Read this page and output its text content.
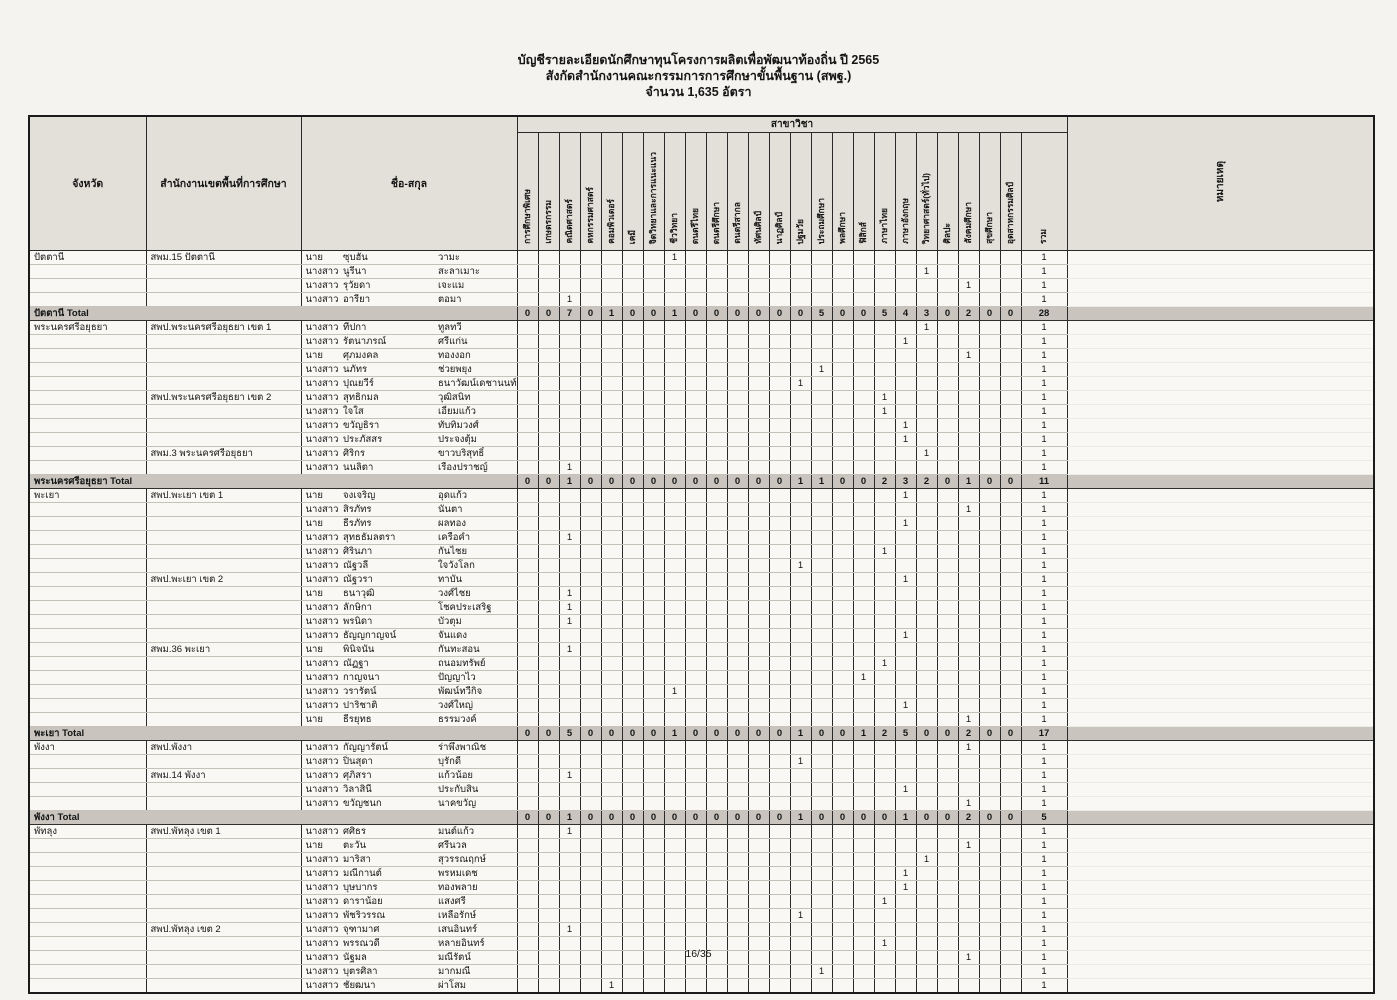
บัญชีรายละเอียดนักศึกษาทุนโครงการผลิตเพื่อพัฒนาท้องถิ่น ปี 2565
สังกัดสำนักงานคณะกรรมการการศึกษาขั้นพื้นฐาน (สพฐ.)
จำนวน 1,635 อัตรา
จังหวัด	สำนักงานเขตพื้นที่การศึกษา	ชื่อ-สกุล			สาขาวิชา																									หมายเหตุ
					การศึกษาพิเศษ	เกษตรกรรม	คณิตศาสตร์	คหกรรมศาสตร์	คอมพิวเตอร์	เคมี	จิตวิทยาและการแนะแนว	ชีววิทยา	ดนตรีไทย	ดนตรีศึกษา	ดนตรีสากล	ทัศนศิลป์	นาฏศิลป์	ปฐมวัย	ประถมศึกษา	พลศึกษา	ฟิสิกส์	ภาษาไทย	ภาษาอังกฤษ	วิทยาศาสตร์(ทั่วไป)	ศิลปะ	สังคมศึกษา	สุขศึกษา	อุตสาหกรรมศิลป์	รวม	
ปัตตานี	สพม.15 ปัตตานี	นาย	ซุบฮัน	วามะ								1																	1	
		นางสาว	นูรีนา	สะลาเมาะ																				1					1	
		นางสาว	รุวัยดา	เจะแม																						1			1	
		นางสาว	อารียา	ตอมา			1																						1	
ปัตตานี Total					0	0	7	0	1	0	0	1	0	0	0	0	0	0	5	0	0	5	4	3	0	2	0	0	28	
พระนครศรีอยุธยา	สพป.พระนครศรีอยุธยา เขต 1	นางสาว	ทีปกา	ทูลทวี																				1					1	
		นางสาว	รัตนาภรณ์	ศรีแก่น																			1						1	
		นาย	ศุภมงคล	ทองงอก																						1			1	
		นางสาว	นภัทร	ช่วยพยุง															1										1	
		นางสาว	ปุณยวีร์	ธนาวัฒน์เดชานนท์														1											1	
	สพป.พระนครศรีอยุธยา เขต 2	นางสาว	สุทธิกมล	วุฒิสนิท																		1							1	
		นางสาว	ใจใส	เอี่ยมแก้ว																		1							1	
		นางสาว	ขวัญธิรา	ทับทิมวงศ์																			1						1	
		นางสาว	ประภัสสร	ประจงตุ้ม																			1						1	
	สพม.3 พระนครศรีอยุธยา	นางสาว	ศิริกร	ขาวบริสุทธิ์																				1					1	
		นางสาว	นนลิตา	เรืองปราชญ์			1																						1	
พระนครศรีอยุธยา Total					0	0	1	0	0	0	0	0	0	0	0	0	0	1	1	0	0	2	3	2	0	1	0	0	11	
พะเยา	สพป.พะเยา เขต 1	นาย	จงเจริญ	อุดแก้ว																			1						1	
		นางสาว	สิรภัทร	นันตา																						1			1	
		นาย	ธีรภัทร	ผลทอง																			1						1	
		นางสาว	สุทธธัมลตรา	เครือคำ			1																						1	
		นางสาว	ศิรินภา	กันไชย																		1							1	
		นางสาว	ณัฐวลี	ใจวังโลก														1											1	
	สพป.พะเยา เขต 2	นางสาว	ณัฐวรา	ทาบัน																			1						1	
		นาย	ธนาวุฒิ	วงศ์ไชย			1																						1	
		นางสาว	ลักษิกา	โชคประเสริฐ			1																						1	
		นางสาว	พรนิดา	บัวตุม			1																						1	
		นางสาว	ธัญญกาญจน์	จันแดง																			1						1	
	สพม.36 พะเยา	นาย	พินิจนัน	กันทะสอน			1																						1	
		นางสาว	ณัฏฐา	ถนอมทรัพย์																		1							1	
		นางสาว	กาญจนา	ปัญญาไว																	1								1	
		นางสาว	วรารัตน์	พัฒน์ทวีกิจ								1																	1	
		นางสาว	ปาริชาติ	วงศ์ใหญ่																			1						1	
		นาย	ธีรยุทธ	ธรรมวงค์																						1			1	
พะเยา Total					0	0	5	0	0	0	0	1	0	0	0	0	0	1	0	0	1	2	5	0	0	2	0	0	17	
พังงา	สพป.พังงา	นางสาว	กัญญารัตน์	ร่าพึงพาณิช																						1			1	
		นางสาว	ปิ่นสุดา	บุรักดี														1											1	
	สพม.14 พังงา	นางสาว	ศุภิสรา	แก้วน้อย			1																						1	
		นางสาว	วิลาสินี	ประกับสิน																			1						1	
		นางสาว	ขวัญชนก	นาคขวัญ																						1			1	
พังงา Total					0	0	1	0	0	0	0	0	0	0	0	0	0	1	0	0	0	0	1	0	0	2	0	0	5	
พัทลุง	สพป.พัทลุง เขต 1	นางสาว	ศศิธร	มนต์แก้ว			1																						1	
		นาย	ตะวัน	ศรีนวล																						1			1	
		นางสาว	มาริสา	สุวรรณฤกษ์																				1					1	
		นางสาว	มณีกานต์	พรหมเดช																			1						1	
		นางสาว	บุษบากร	ทองพลาย																			1						1	
		นางสาว	ดาราน้อย	แสงศรี																		1							1	
		นางสาว	พัชริวรรณ	เหลือรักษ์														1											1	
	สพป.พัทลุง เขต 2	นางสาว	จุฑามาศ	เสนอินทร์			1																						1	
		นางสาว	พรรณวดี	หลายอินทร์																		1							1	
		นางสาว	นัฐมล	มณีรัตน์																						1			1	
		นางสาว	บุตรศิลา	มากมณี															1										1	
		นางสาว	ชัยฒนา	ผ่าโสม					1																				1	
16/35
